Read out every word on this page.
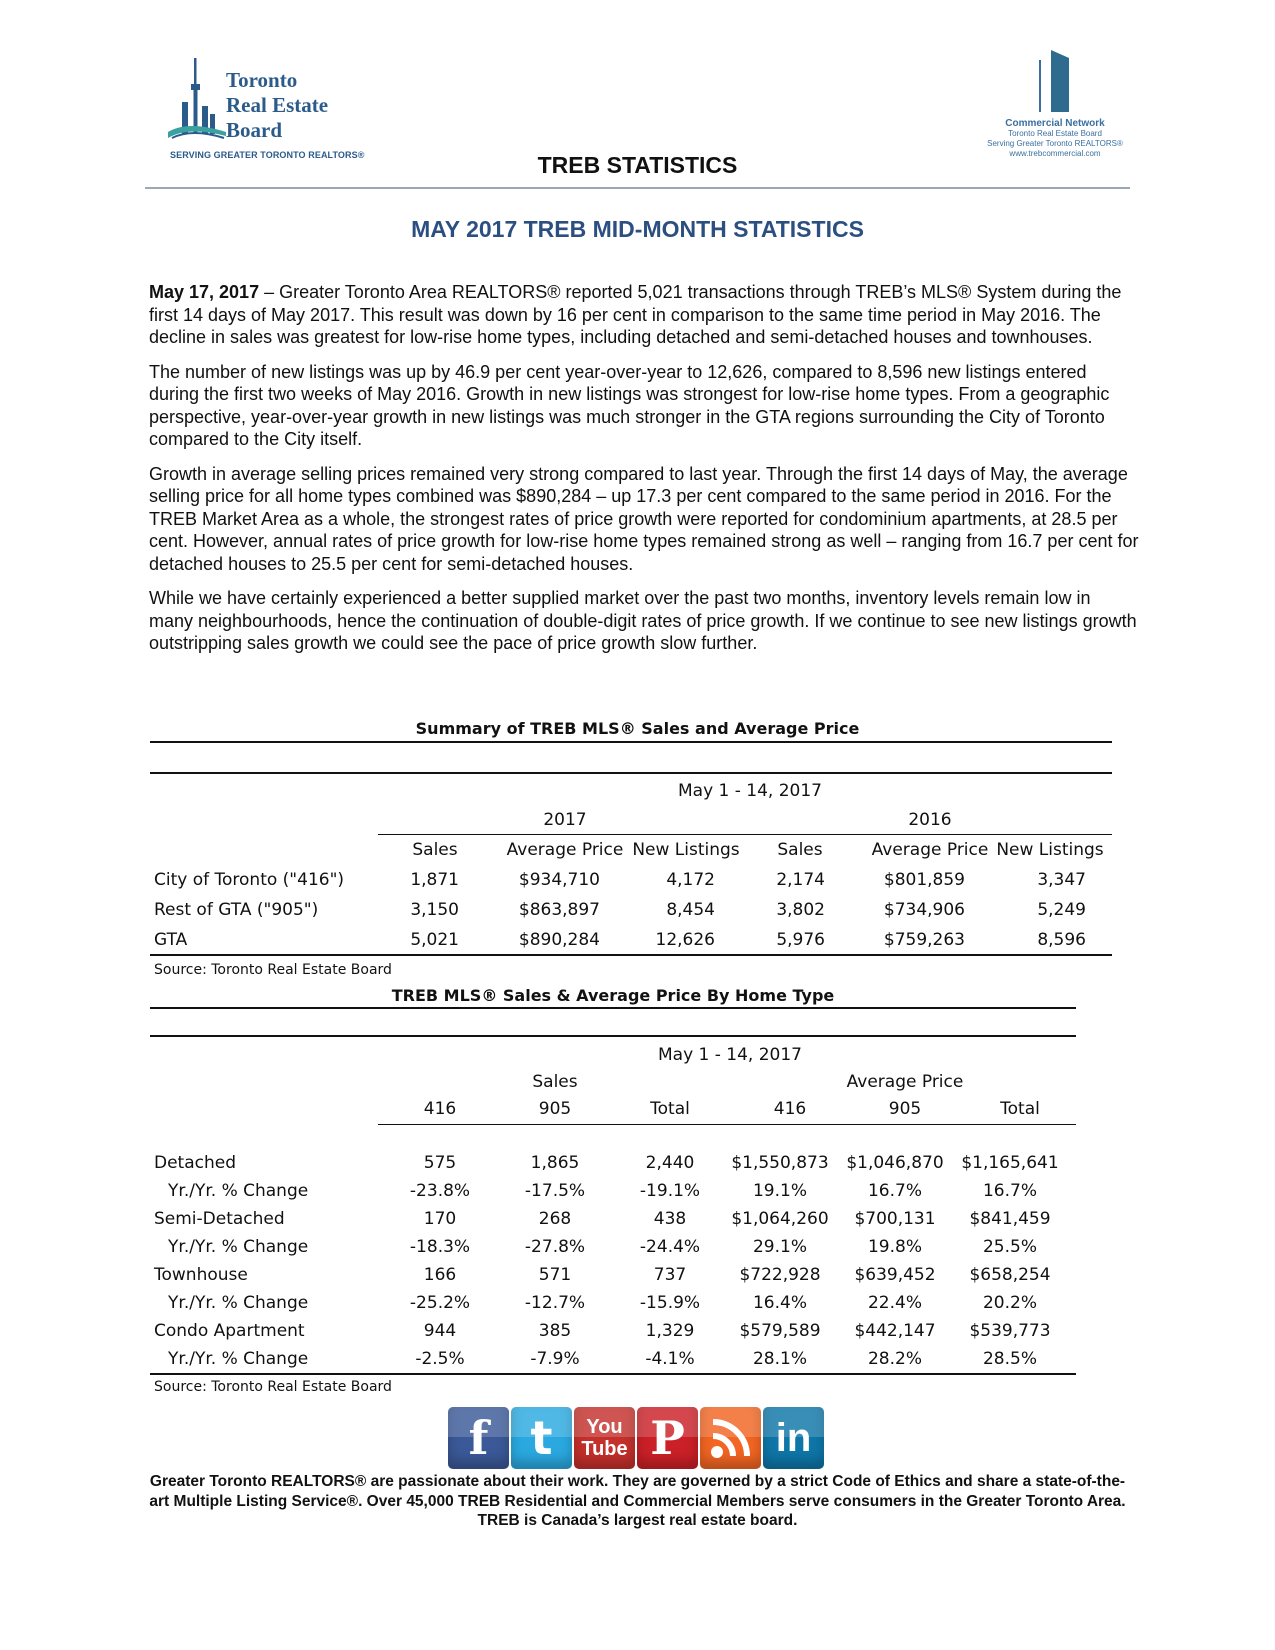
Toronto
Real Estate
Board
SERVING GREATER TORONTO REALTORS®
Commercial Network
Toronto Real Estate Board
Serving Greater Toronto REALTORS®
www.trebcommercial.com
TREB STATISTICS
MAY 2017 TREB MID-MONTH STATISTICS

May 17, 2017 – Greater Toronto Area REALTORS® reported 5,021 transactions through TREB’s MLS® System during the first 14 days of May 2017. This result was down by 16 per cent in comparison to the same time period in May 2016. The decline in sales was greatest for low-rise home types, including detached and semi-detached houses and townhouses.

The number of new listings was up by 46.9 per cent year-over-year to 12,626, compared to 8,596 new listings entered during the first two weeks of May 2016. Growth in new listings was strongest for low-rise home types. From a geographic perspective, year-over-year growth in new listings was much stronger in the GTA regions surrounding the City of Toronto compared to the City itself.

Growth in average selling prices remained very strong compared to last year. Through the first 14 days of May, the average selling price for all home types combined was $890,284 – up 17.3 per cent compared to the same period in 2016. For the TREB Market Area as a whole, the strongest rates of price growth were reported for condominium apartments, at 28.5 per cent. However, annual rates of price growth for low-rise home types remained strong as well – ranging from 16.7 per cent for detached houses to 25.5 per cent for semi-detached houses.

While we have certainly experienced a better supplied market over the past two months, inventory levels remain low in many neighbourhoods, hence the continuation of double-digit rates of price growth. If we continue to see new listings growth outstripping sales growth we could see the pace of price growth slow further.

Summary of TREB MLS® Sales and Average Price
May 1 - 14, 2017
2017	2016
Sales	Average Price New Listings	Sales	Average Price New Listings
City of Toronto ("416")	1,871	$934,710	4,172	2,174	$801,859	3,347
Rest of GTA ("905")	3,150	$863,897	8,454	3,802	$734,906	5,249
GTA	5,021	$890,284	12,626	5,976	$759,263	8,596
Source: Toronto Real Estate Board
TREB MLS® Sales & Average Price By Home Type
May 1 - 14, 2017
Sales	Average Price
416	905	Total	416	905	Total
Detached	575	1,865	2,440	$1,550,873	$1,046,870	$1,165,641
Yr./Yr. % Change	-23.8%	-17.5%	-19.1%	19.1%	16.7%	16.7%
Semi-Detached	170	268	438	$1,064,260	$700,131	$841,459
Yr./Yr. % Change	-18.3%	-27.8%	-24.4%	29.1%	19.8%	25.5%
Townhouse	166	571	737	$722,928	$639,452	$658,254
Yr./Yr. % Change	-25.2%	-12.7%	-15.9%	16.4%	22.4%	20.2%
Condo Apartment	944	385	1,329	$579,589	$442,147	$539,773
Yr./Yr. % Change	-2.5%	-7.9%	-4.1%	28.1%	28.2%	28.5%
Source: Toronto Real Estate Board
f t You
Tube P in
Greater Toronto REALTORS® are passionate about their work. They are governed by a strict Code of Ethics and share a state-of-the-art Multiple Listing Service®. Over 45,000 TREB Residential and Commercial Members serve consumers in the Greater Toronto Area. TREB is Canada’s largest real estate board.
